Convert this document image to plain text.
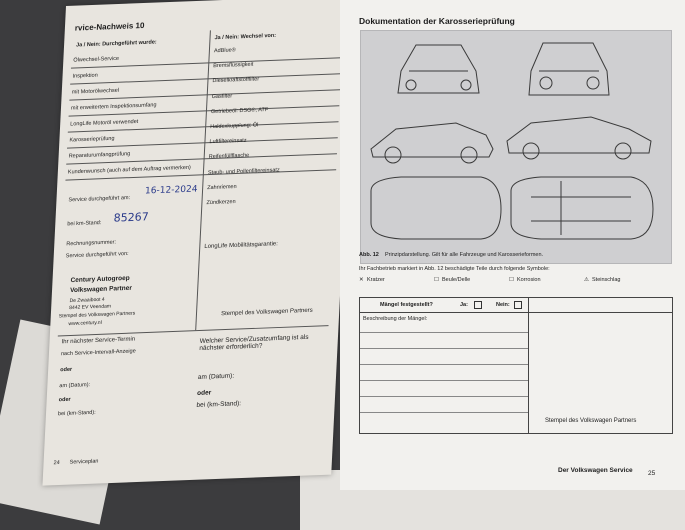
rvice-Nachweis 10
Ja / Nein: Durchgeführt wurde:
Ja / Nein: Wechsel von:
Ölwechsel-Service
Inspektion
mit Motorölwechsel
mit erweitertem Inspektionsumfang
LongLife Motoröl verwendet
Karosserieprüfung
Reparaturumfangprüfung
Kundenwunsch (auch auf dem Auftrag vermerken)
AdBlue®
Bremsflüssigkeit
Dieselkraftstofffilter
Gasfilter
Getriebeöl: DSG®, ATF
Haldexkupplung: Öl
Luftfiltereinsatz
Reifenfüllflasche
Staub- und Pollenfiltereinsatz
Zahnriemen
Zündkerzen
Service durchgeführt am:
16-12-2024
bei km-Stand: 85267
Rechnungsnummer:
Service durchgeführt von:
LongLife Mobilitätsgarantie:
Century Autogroep
Volkswagen Partner
De Zwaaiboot 4
8442 EV Veendam
Stempel des Volkswagen Partners
www.century.nl
Stempel des Volkswagen Partners
Ihr nächster Service-Termin
nach Service-Intervall-Anzeige
Welcher Service/Zusatzumfang ist als nächster erforderlich?
oder
am (Datum):
am (Datum):
oder
oder
bei (km-Stand):
bei (km-Stand):
24 Serviceplan
Dokumentation der Karosserieprüfung
Abb. 12 Prinzipdarstellung. Gilt für alle Fahrzeuge und Karosserieformen.
Ihr Fachbetrieb markiert in Abb. 12 beschädigte Teile durch folgende Symbole:
✕ Kratzer	☐ Beule/Delle	☐ Korrosion	⚠ Steinschlag
Mängel festgestellt?	Ja:	Nein:
Beschreibung der Mängel:
Stempel des Volkswagen Partners
Der Volkswagen Service 25
